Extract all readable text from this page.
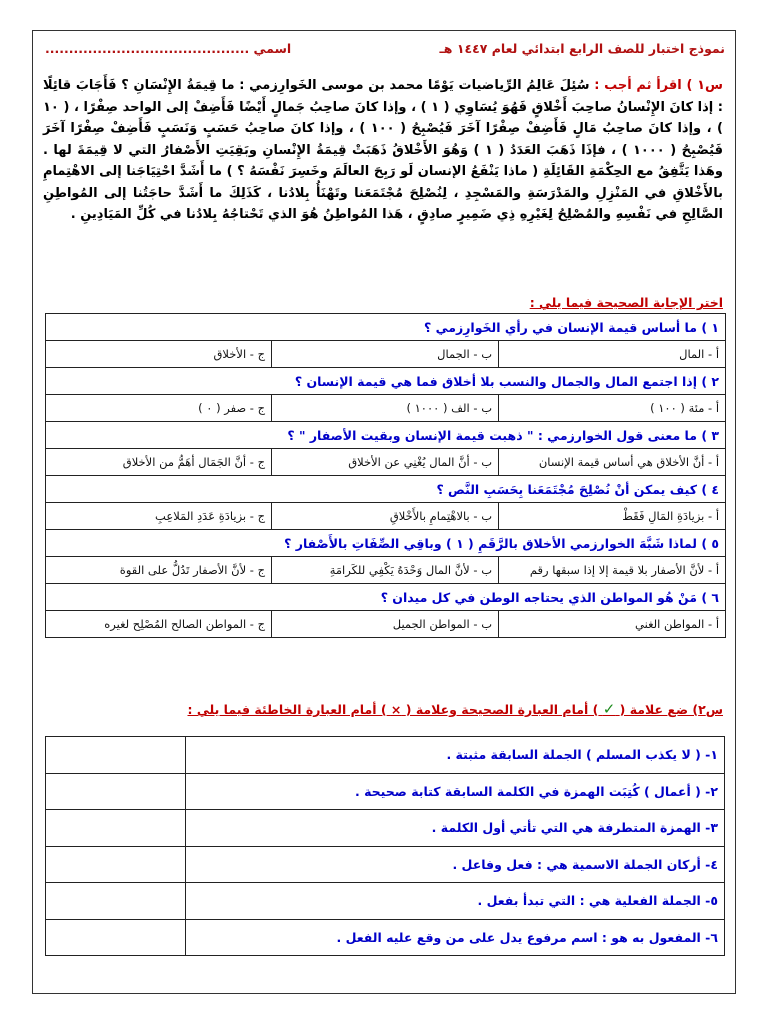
نموذج اختبار للصف الرابع ابتدائي لعام ١٤٤٧ هـ
اسمي ...........................................
س١ ) اقرأ ثم أجب : سُئِلَ عَالِمُ الرِّياضيات يَوْمًا محمد بن موسى الخَوارِزمي : ما قِيمَةُ الإِنْسَانِ ؟ فَأَجَابَ قائِلًا : إذا كانَ الإِنْسانُ صاحِبَ أَخْلاقٍ فَهُوَ يُسَاوِي ( ١ ) ، وإذا كانَ صاحِبُ جَمالٍ أَيْضًا فَأَضِفْ إلى الواحد صِفْرًا ، ( ١٠ ) ، وإذا كانَ صاحِبُ مَالٍ فَأَضِفْ صِفْرًا آخَرَ فَيُصْبِحُ ( ١٠٠ ) ، وإذا كانَ صاحِبُ حَسَبٍ وَنَسَبٍ فَأَضِفْ صِفْرًا آخَرَ فَيُصْبِحُ ( ١٠٠٠ ) ، فإذَا ذَهَبَ العَدَدُ ( ١ ) وَهُوَ الأَخْلاقُ ذَهَبَتْ قِيمَةُ الإِنْسانِ وبَقِيَتِ الأَصْفارُ التي لا قِيمَةَ لها . وهَذا يَتَّفِقُ مع الحِكْمَةِ القَائِلَةِ ( ماذا يَنْفَعُ الإنسان لَو رَبِحَ العالَمَ وخَسِرَ نَفْسَهُ ؟ ) ما أَشَدَّ احْتِيَاجَنا إلى الاهْتِمامِ بالأَخْلاقِ في المَنْزِلِ والمَدْرَسَةِ والمَسْجِدِ ، لِنُصْلِحَ مُجْتَمَعَنا وتَهْنَأُ بِلادُنا ، كَذَلِكَ ما أَشَدَّ حاجَتُنا إلى المُواطِنِ الصَّالِحِ في نَفْسِهِ والمُصْلِحُ لِغَيْرِهِ ذِي ضَمِيرٍ صادِقٍ ، هَذا المُواطِنُ هُوَ الذي تَحْتاجُهُ بِلادُنا في كُلِّ المَيَادِينِ .
اختر الإجابة الصحيحة فيما يلي :
١ ) ما أساس قيمة الإنسان في رأي الخَوارِزمي ؟		
أ - المال	ب - الجمال	ج - الأخلاق
٢ ) إذا اجتمع المال والجمال والنسب بلا أخلاق فما هي قيمة الإنسان ؟		
أ - مئة ( ١٠٠ )	ب - الف ( ١٠٠٠ )	ج - صفر ( ٠ )
٣ ) ما معنى قول الخوارزمي : " ذهبت قيمة الإنسان وبقيت الأصفار " ؟		
أ - أنَّ الأخلاق هي أساس قيمة الإنسان	ب - أنَّ المال يُغْنِي عن الأخلاق	ج - أنَّ الجَمَال أهَمُّ من الأخلاق
٤ ) كيف يمكن أنْ نُصْلِحَ مُجْتَمَعَنا بِحَسَبِ النَّص ؟		
أ - بزيادَةِ المَالِ فَقَطْ	ب - بالاهْتِمامِ بالأَخْلاقِ	ج - بزيادَةِ عَدَدِ المَلاعِبِ
٥ ) لماذا شَبَّهَ الخوارزمي الأخلاق بالرَّقَمِ ( ١ ) وباقِي الصِّفَاتِ بالأَصْفار ؟		
أ - لأنَّ الأصفار بلا قيمة إلا إذا سبقها رقم	ب - لأنَّ المال وَحْدَهُ يَكْفِي للكَرامَةِ	ج - لأنَّ الأصفار تَدُلُّ على القوة
٦ ) مَنْ هُو المواطن الذي يحتاجه الوطن في كل ميدان ؟		
أ - المواطن الغني	ب - المواطن الجميل	ج - المواطن الصالح المُصْلِح لغيره
س٢) ضع علامة ( ✓ ) أمام العبارة الصحيحة وعلامة ( × ) أمام العبارة الخاطئة فيما يلي :
١- ( لا يكذب المسلم ) الجملة السابقة مثبتة .	
٢- ( أعمال ) كُتِبَت الهمزة في الكلمة السابقة كتابة صحيحة .	
٣- الهمزة المتطرفة هي التي تأتي أول الكلمة .	
٤- أركان الجملة الاسمية هي : فعل وفاعل .	
٥- الجملة الفعلية هي : التي تبدأ بفعل .	
٦- المفعول به هو : اسم مرفوع يدل على من وقع عليه الفعل .	
